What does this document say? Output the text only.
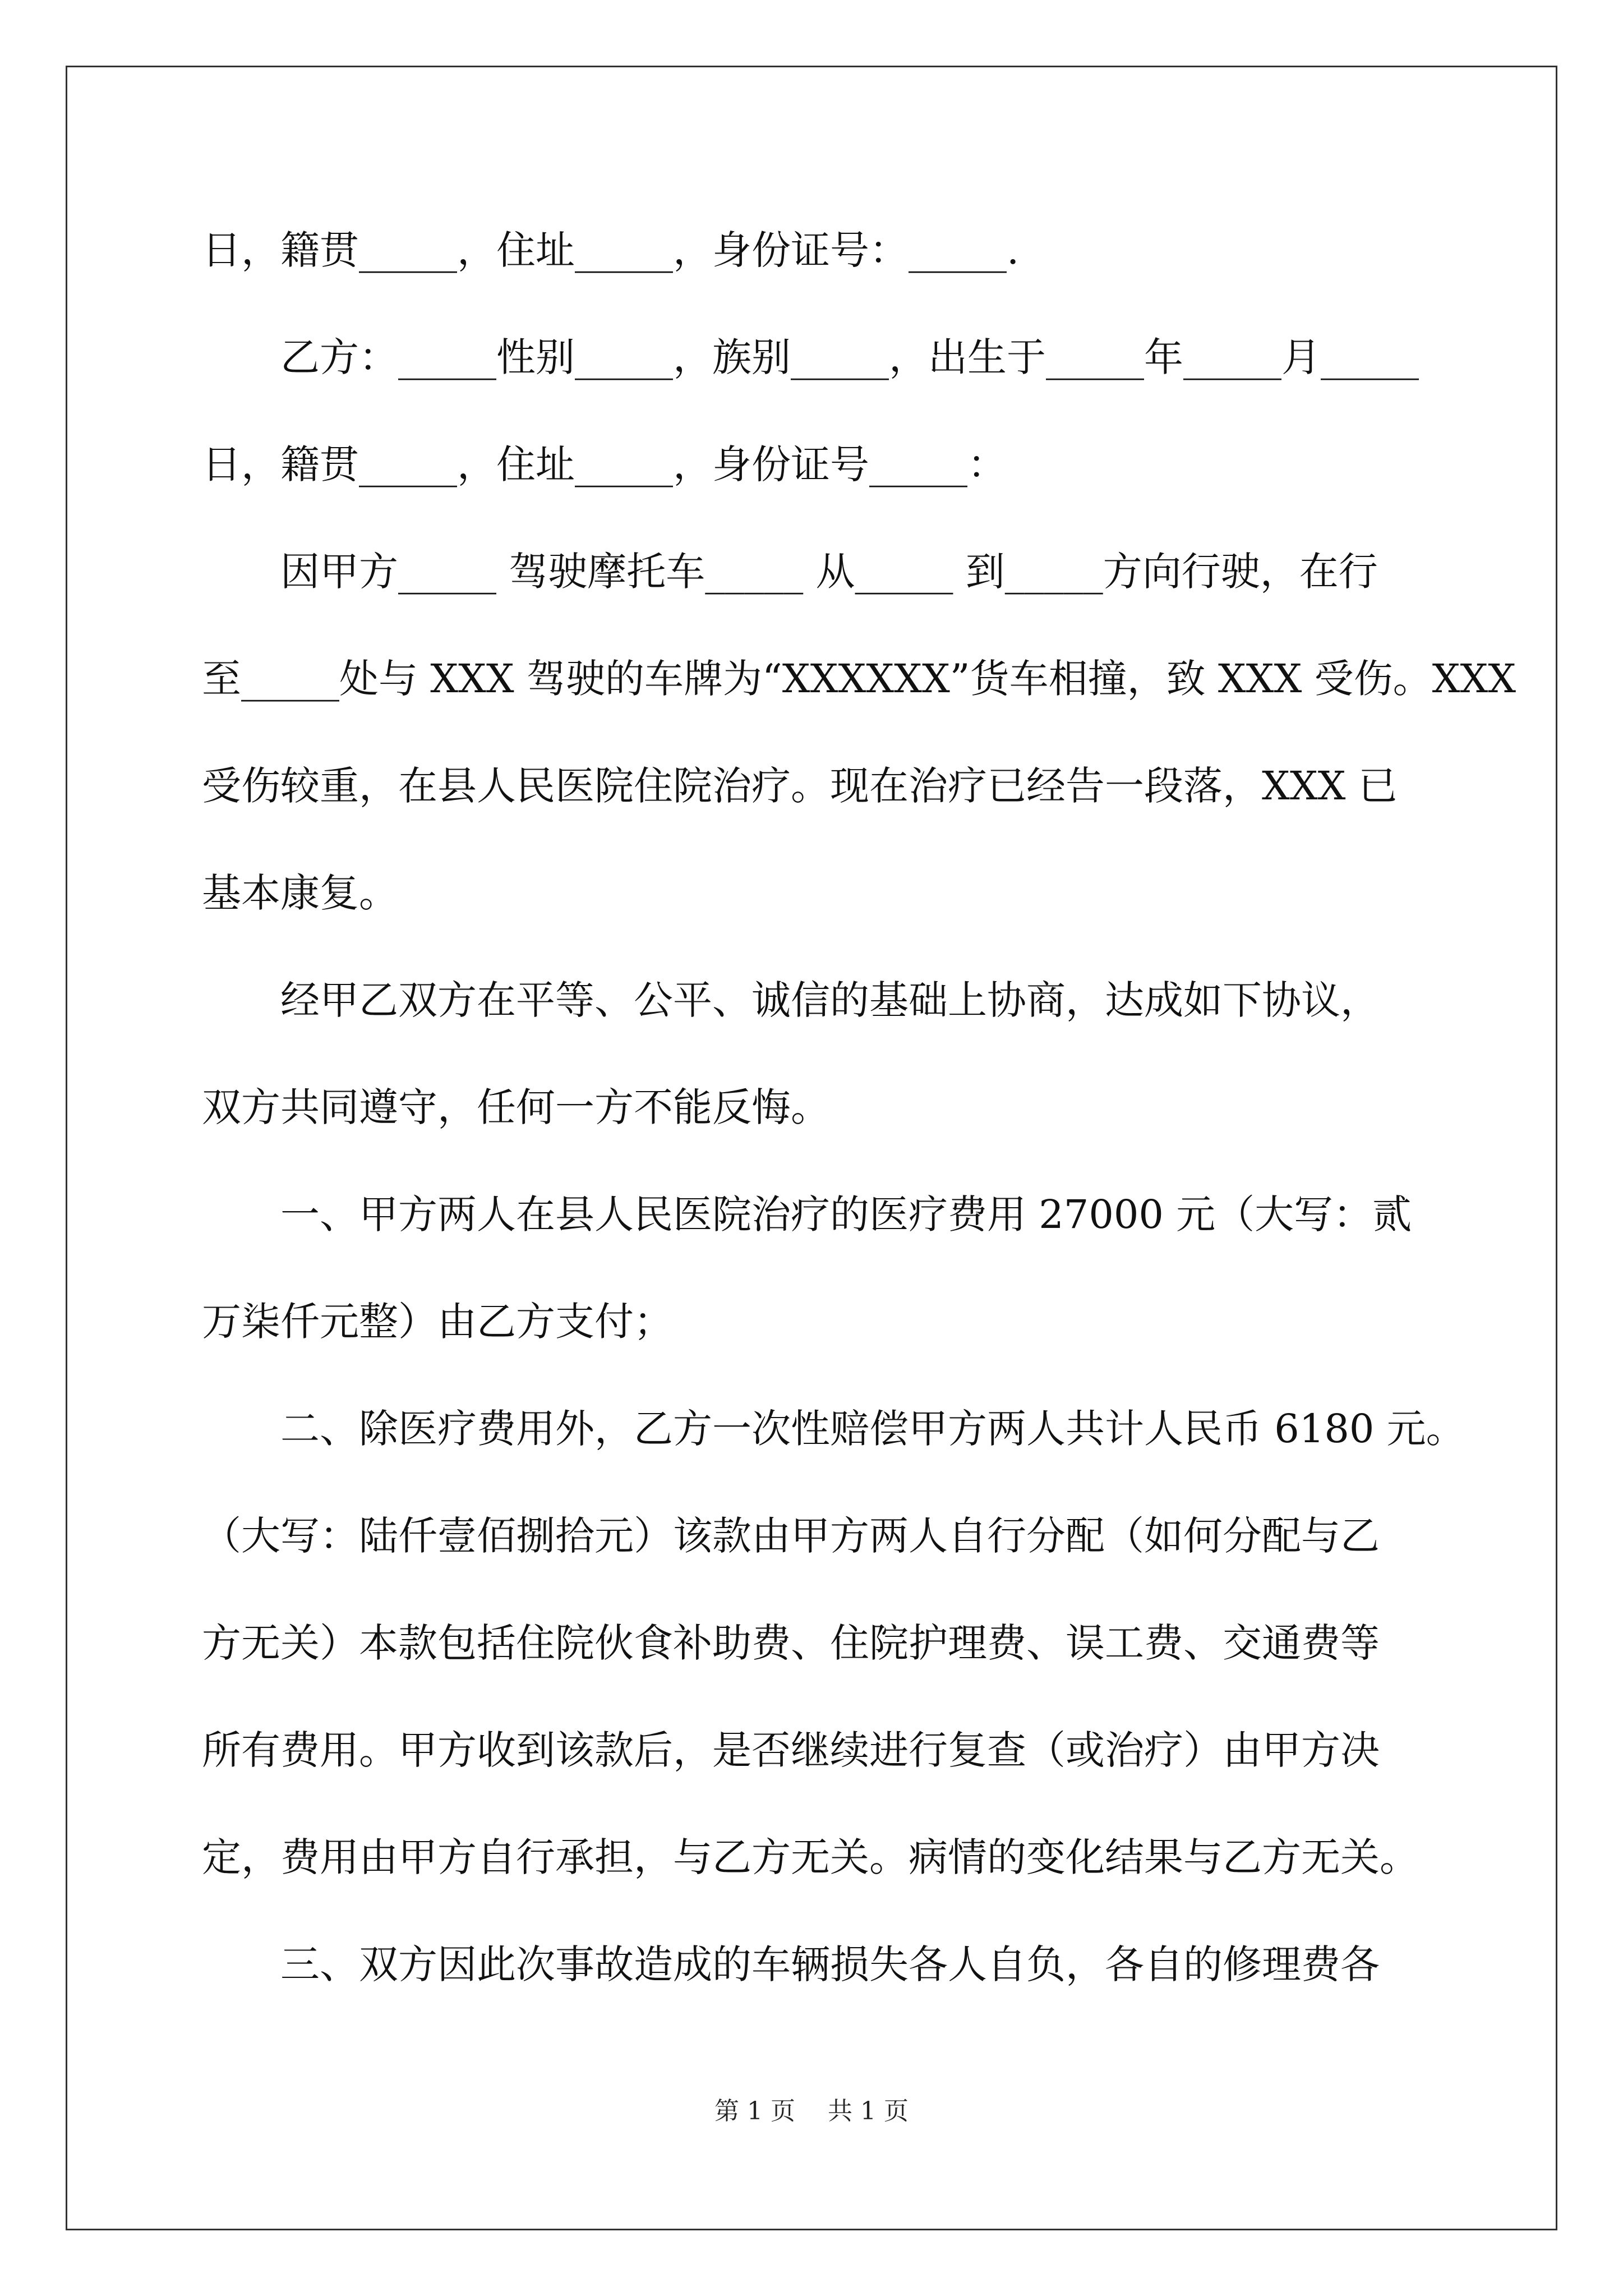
日，籍贯_____，住址_____，身份证号：_____.
　　乙方：_____性别_____，族别_____，出生于_____年_____月_____
日，籍贯_____，住址_____，身份证号_____：
　　因甲方_____ 驾驶摩托车_____ 从_____ 到_____方向行驶，在行
至_____处与 XXX 驾驶的车牌为“XXXXXX”货车相撞，致 XXX 受伤。XXX
受伤较重，在县人民医院住院治疗。现在治疗已经告一段落，XXX 已
基本康复。
　　经甲乙双方在平等、公平、诚信的基础上协商，达成如下协议，
双方共同遵守，任何一方不能反悔。
　　一、甲方两人在县人民医院治疗的医疗费用 27000 元（大写：贰
万柒仟元整）由乙方支付；
　　二、除医疗费用外，乙方一次性赔偿甲方两人共计人民币 6180 元。
（大写：陆仟壹佰捌拾元）该款由甲方两人自行分配（如何分配与乙
方无关）本款包括住院伙食补助费、住院护理费、误工费、交通费等
所有费用。甲方收到该款后，是否继续进行复查（或治疗）由甲方决
定，费用由甲方自行承担，与乙方无关。病情的变化结果与乙方无关。
　　三、双方因此次事故造成的车辆损失各人自负，各自的修理费各
第 1 页　 共 1 页
